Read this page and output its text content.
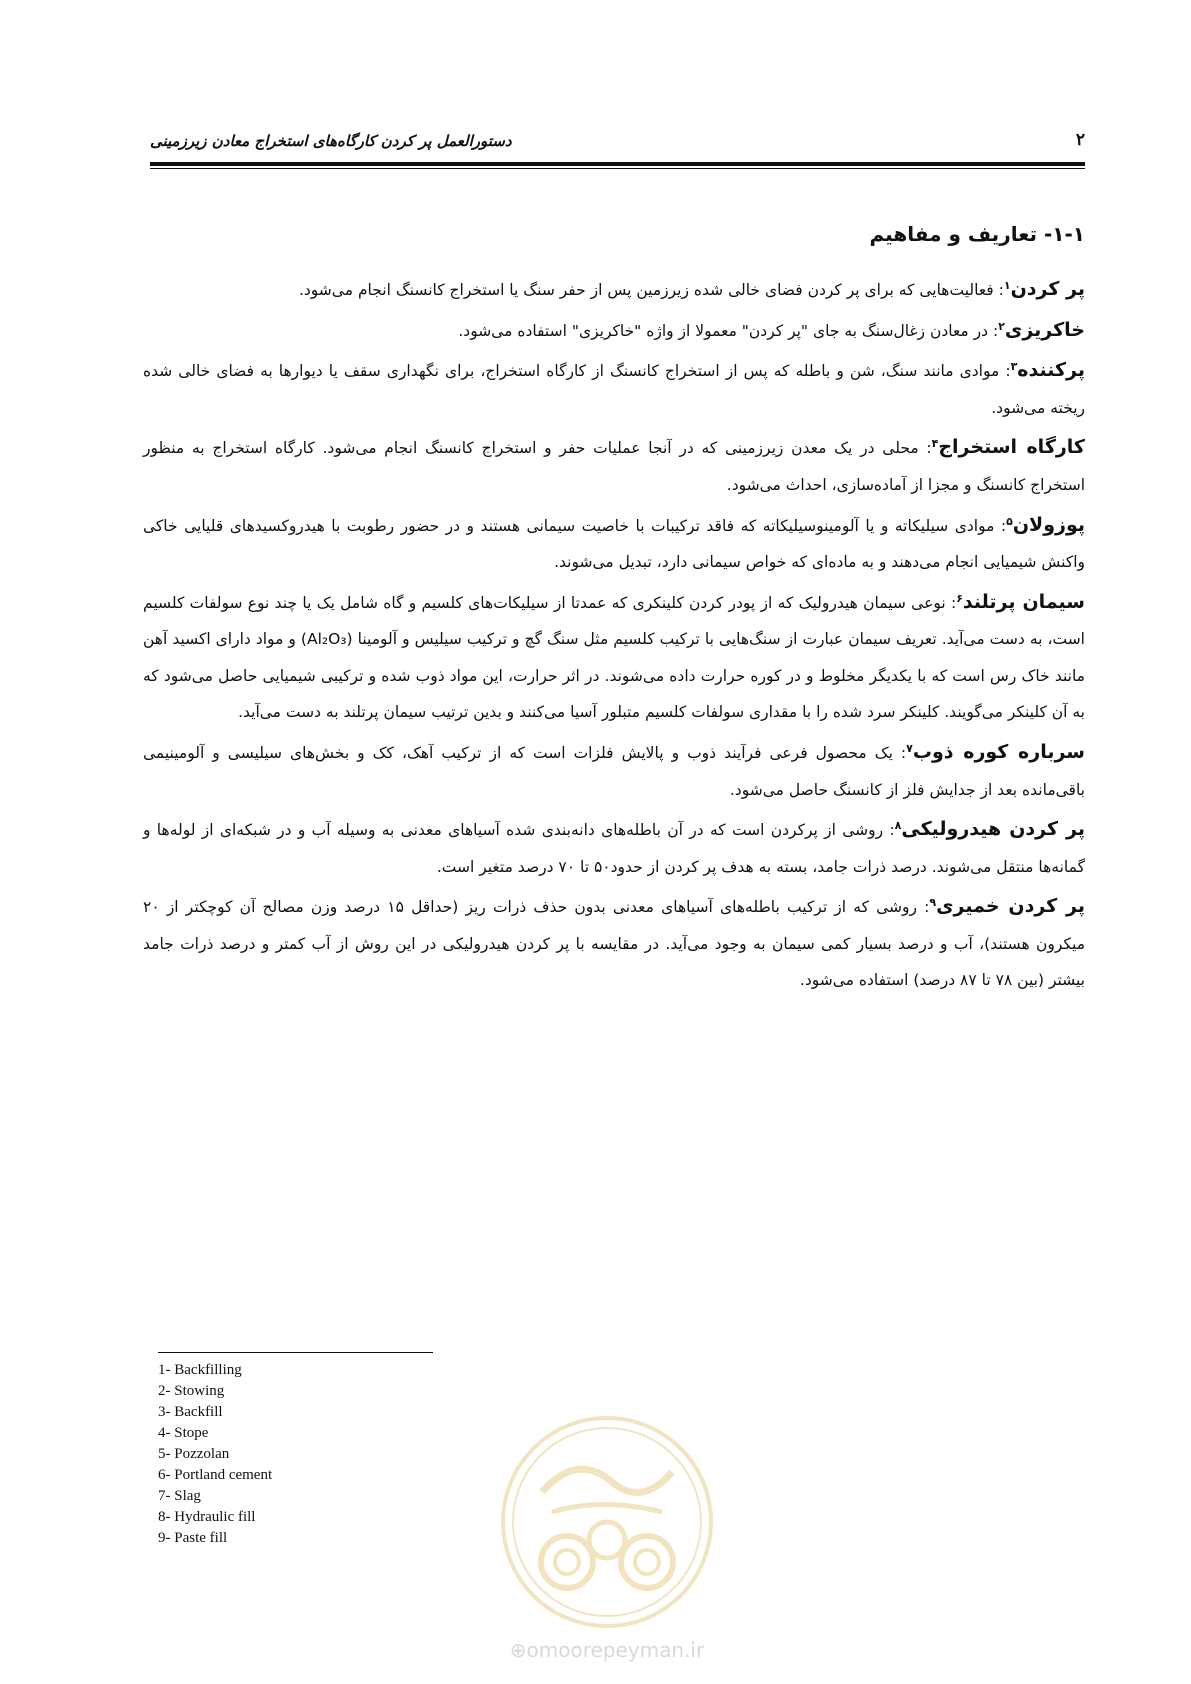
۲
دستورالعمل پر کردن کارگاه‌های استخراج معادن زیرزمینی
۱-۱- تعاریف و مفاهیم

پر کردن$^۱$: فعالیت‌هایی که برای پر کردن فضای خالی شده زیرزمین پس از حفر سنگ یا استخراج کانسنگ انجام می‌شود.

خاکریزی$^۲$: در معادن زغال‌سنگ به جای "پر کردن" معمولا از واژه "خاکریزی" استفاده می‌شود.

پرکننده$^۳$: موادی مانند سنگ، شن و باطله که پس از استخراج کانسنگ از کارگاه استخراج، برای نگهداری سقف یا دیوارها به فضای خالی شده ریخته می‌شود.

کارگاه استخراج$^۴$: محلی در یک معدن زیرزمینی که در آنجا عملیات حفر و استخراج کانسنگ انجام می‌شود. کارگاه استخراج به منظور استخراج کانسنگ و مجزا از آماده‌سازی، احداث می‌شود.

پوزولان$^۵$: موادی سیلیکاته و یا آلومینوسیلیکاته که فاقد ترکیبات با خاصیت سیمانی هستند و در حضور رطوبت با هیدروکسیدهای قلیایی خاکی واکنش شیمیایی انجام می‌دهند و به ماده‌ای که خواص سیمانی دارد، تبدیل می‌شوند.

سیمان پرتلند$^۶$: نوعی سیمان هیدرولیک که از پودر کردن کلینکری که عمدتا از سیلیکات‌های کلسیم و گاه شامل یک یا چند نوع سولفات کلسیم است، به دست می‌آید. تعریف سیمان عبارت از سنگ‌هایی با ترکیب کلسیم مثل سنگ گچ و ترکیب سیلیس و آلومینا (Al₂O₃) و مواد دارای اکسید آهن مانند خاک رس است که با یکدیگر مخلوط و در کوره حرارت داده می‌شوند. در اثر حرارت، این مواد ذوب شده و ترکیبی شیمیایی حاصل می‌شود که به آن کلینکر می‌گویند. کلینکر سرد شده را با مقداری سولفات کلسیم متبلور آسیا می‌کنند و بدین ترتیب سیمان پرتلند به دست می‌آید.

سرباره کوره ذوب$^۷$: یک محصول فرعی فرآیند ذوب و پالایش فلزات است که از ترکیب آهک، کک و بخش‌های سیلیسی و آلومینیمی باقی‌مانده بعد از جدایش فلز از کانسنگ حاصل می‌شود.

پر کردن هیدرولیکی$^۸$: روشی از پرکردن است که در آن باطله‌های دانه‌بندی شده آسیاهای معدنی به وسیله آب و در شبکه‌ای از لوله‌ها و گمانه‌ها منتقل می‌شوند. درصد ذرات جامد، بسته به هدف پر کردن از حدود۵۰ تا ۷۰ درصد متغیر است.

پر کردن خمیری$^۹$: روشی که از ترکیب باطله‌های آسیاهای معدنی بدون حذف ذرات ریز (حداقل ۱۵ درصد وزن مصالح آن کوچکتر از ۲۰ میکرون هستند)، آب و درصد بسیار کمی سیمان به وجود می‌آید. در مقایسه با پر کردن هیدرولیکی در این روش از آب کمتر و درصد ذرات جامد بیشتر (بین ۷۸ تا ۸۷ درصد) استفاده می‌شود.

1- Backfilling
2- Stowing
3- Backfill
4- Stope
5- Pozzolan
6- Portland cement
7- Slag
8- Hydraulic fill
9- Paste fill
⊕omoorepeyman.ir
